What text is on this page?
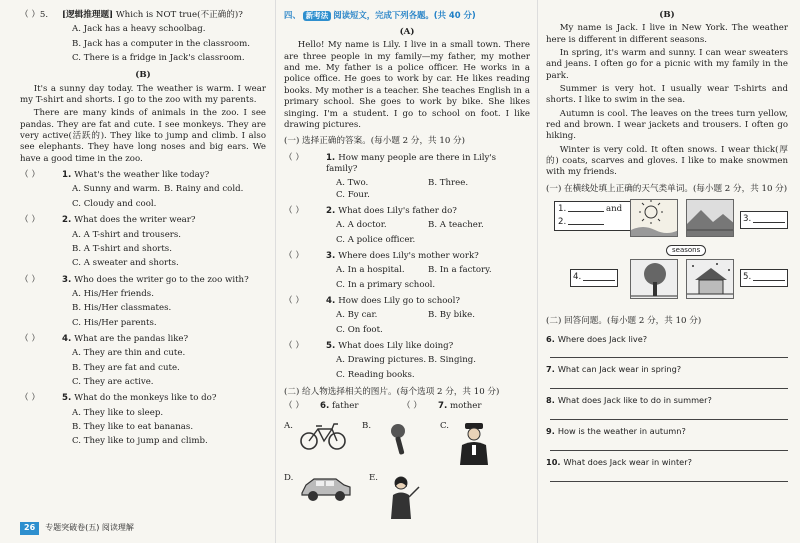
（ ）5.	[逻辑推理题] Which is NOT true(不正确的)?
A. Jack has a heavy schoolbag.
B. Jack has a computer in the classroom.
C. There is a fridge in Jack's classroom.
(B)
It's a sunny day today. The weather is warm. I wear my T-shirt and shorts. I go to the zoo with my parents.
There are many kinds of animals in the zoo. I see pandas. They are fat and cute. I see monkeys. They are very active(活跃的). They like to jump and climb. I also see elephants. They have long noses and big ears. We have a good time in the zoo.
（ ）	1. What's the weather like today?
A. Sunny and warm. B. Rainy and cold.
C. Cloudy and cool.
（ ）	2. What does the writer wear?
A. A T-shirt and trousers.
B. A T-shirt and shorts.
C. A sweater and shorts.
（ ）	3. Who does the writer go to the zoo with?
A. His/Her friends.
B. His/Her classmates.
C. His/Her parents.
（ ）	4. What are the pandas like?
A. They are thin and cute.
B. They are fat and cute.
C. They are active.
（ ）	5. What do the monkeys like to do?
A. They like to sleep.
B. They like to eat bananas.
C. They like to jump and climb.
26	专题突破卷(五) 阅读理解
四、 新考法 阅读短文，完成下列各题。(共 40 分)
(A)
Hello! My name is Lily. I live in a small town. There are three people in my family—my father, my mother and me. My father is a police officer. He works in a police office. He goes to work by car. He likes reading books. My mother is a teacher. She teaches English in a primary school. She goes to work by bike. She likes singing. I'm a student. I go to school on foot. I like drawing pictures.
(一) 选择正确的答案。(每小题 2 分，共 10 分)
（ ）	1. How many people are there in Lily's family?
A. Two.	B. Three.C. Four.
（ ）	2. What does Lily's father do?
A. A doctor.	B. A teacher.
C. A police officer.
（ ）	3. Where does Lily's mother work?
A. In a hospital.	B. In a factory.
C. In a primary school.
（ ）	4. How does Lily go to school?
A. By car.	B. By bike.
C. On foot.
（ ）	5. What does Lily like doing?
A. Drawing pictures. B. Singing.
C. Reading books.
(二) 给人物选择相关的图片。(每个选项 2 分，共 10 分)
（ ）	6.
father	（ ）	7.
mother
A.	B.	C.
D.	E.
(B)
My name is Jack. I live in New York. The weather here is different in different seasons.
In spring, it's warm and sunny. I can wear sweaters and jeans. I often go for a picnic with my family in the park.
Summer is very hot. I usually wear T-shirts and shorts. I like to swim in the sea.
Autumn is cool. The leaves on the trees turn yellow, red and brown. I wear jackets and trousers. I often go hiking.
Winter is very cold. It often snows. I wear thick(厚的) coats, scarves and gloves. I like to make snowmen with my friends.
(一) 在横线处填上正确的天气类单词。(每小题 2 分，共 10 分)
1.	and
2.	3.
seasons
4.	5.
(二) 回答问题。(每小题 2 分，共 10 分)
6. Where does Jack live?
7. What can Jack wear in spring?
8. What does Jack like to do in summer?
9. How is the weather in autumn?
10. What does Jack wear in winter?
